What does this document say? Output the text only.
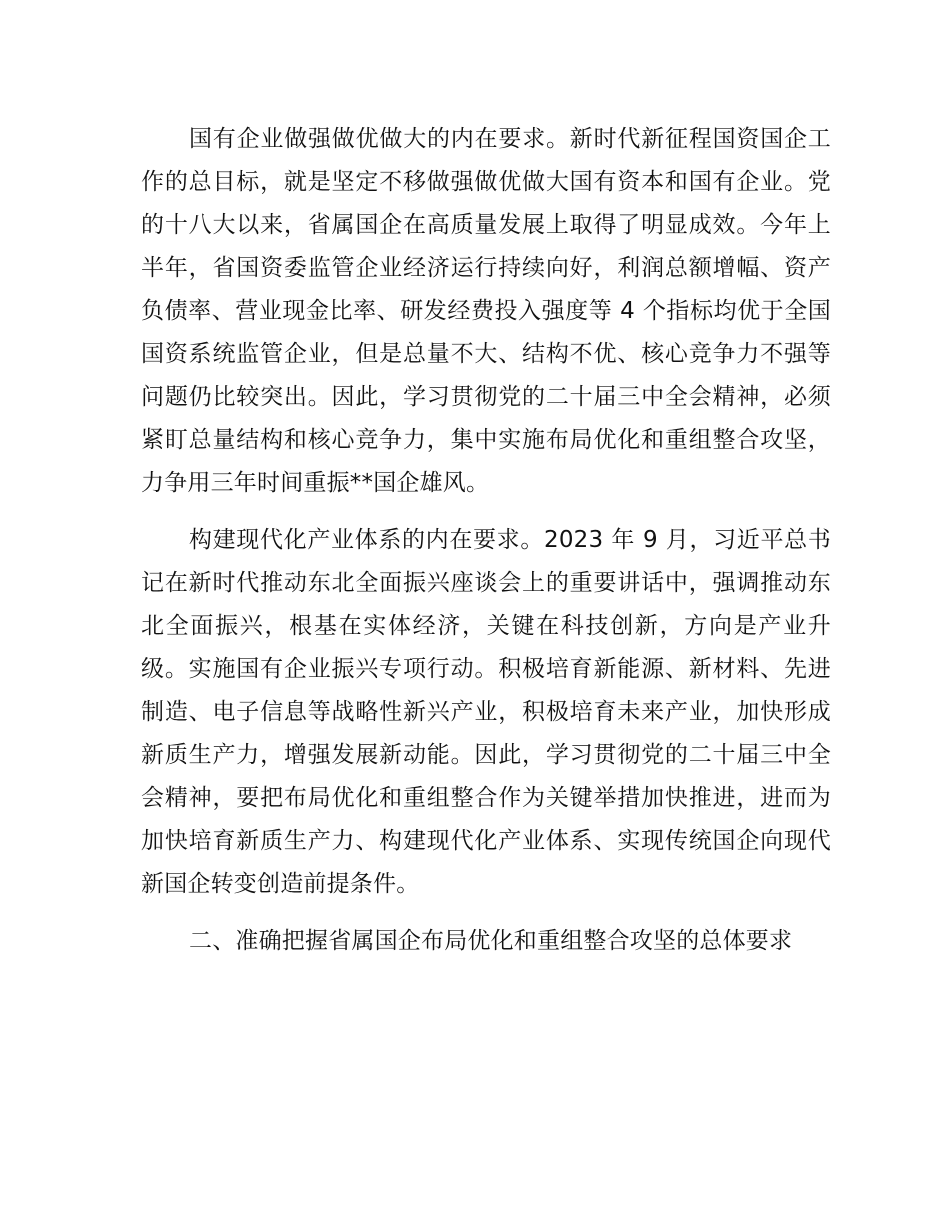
国有企业做强做优做大的内在要求。新时代新征程国资国企工作的总目标，就是坚定不移做强做优做大国有资本和国有企业。党的十八大以来，省属国企在高质量发展上取得了明显成效。今年上半年，省国资委监管企业经济运行持续向好，利润总额增幅、资产负债率、营业现金比率、研发经费投入强度等 4 个指标均优于全国国资系统监管企业，但是总量不大、结构不优、核心竞争力不强等问题仍比较突出。因此，学习贯彻党的二十届三中全会精神，必须紧盯总量结构和核心竞争力，集中实施布局优化和重组整合攻坚，力争用三年时间重振**国企雄风。

构建现代化产业体系的内在要求。2023 年 9 月，习近平总书记在新时代推动东北全面振兴座谈会上的重要讲话中，强调推动东北全面振兴，根基在实体经济，关键在科技创新，方向是产业升级。实施国有企业振兴专项行动。积极培育新能源、新材料、先进制造、电子信息等战略性新兴产业，积极培育未来产业，加快形成新质生产力，增强发展新动能。因此，学习贯彻党的二十届三中全会精神，要把布局优化和重组整合作为关键举措加快推进，进而为加快培育新质生产力、构建现代化产业体系、实现传统国企向现代新国企转变创造前提条件。

二、准确把握省属国企布局优化和重组整合攻坚的总体要求
